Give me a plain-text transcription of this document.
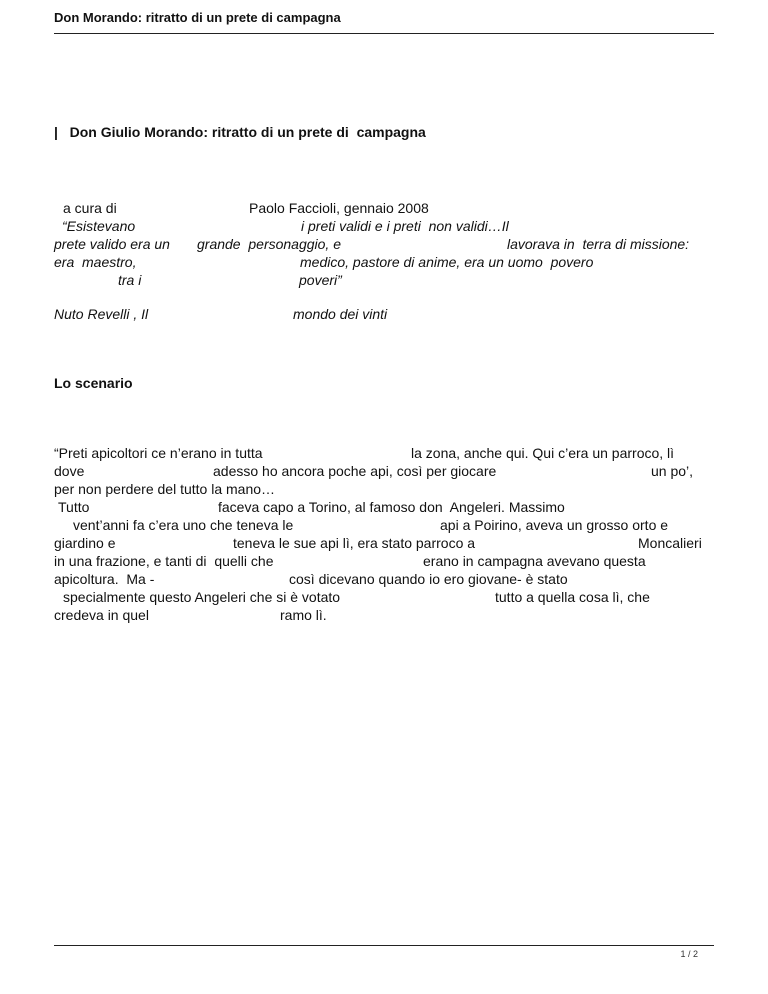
Don Morando: ritratto di un prete di campagna
| Don Giulio Morando: ritratto di un prete di  campagna
a cura di	Paolo Faccioli, gennaio 2008
“Esistevano	i preti validi e i preti  non validi…Il
prete valido era un grande  personaggio, e	lavorava in  terra di missione:
era  maestro,	medico, pastore di anime, era un uomo  povero
tra i	poveri”
Nuto Revelli , Il	mondo dei vinti
Lo scenario
“Preti apicoltori ce n’erano in tutta	la zona, anche qui. Qui c’era un parroco, lì
dove	adesso ho ancora poche api, così per giocare	un po’,
per non perdere del tutto la mano…
Tutto	faceva capo a Torino, al famoso don  Angeleri. Massimo
vent’anni fa c’era uno che teneva le	api a Poirino, aveva un grosso orto e
giardino e	teneva le sue api lì, era stato parroco a	Moncalieri
in una frazione, e tanti di  quelli che	erano in campagna avevano questa
apicoltura.  Ma -	così dicevano quando io ero giovane- è stato
specialmente questo Angeleri che si è votato	tutto a quella cosa lì, che
credeva in quel	ramo lì.
1 / 2
